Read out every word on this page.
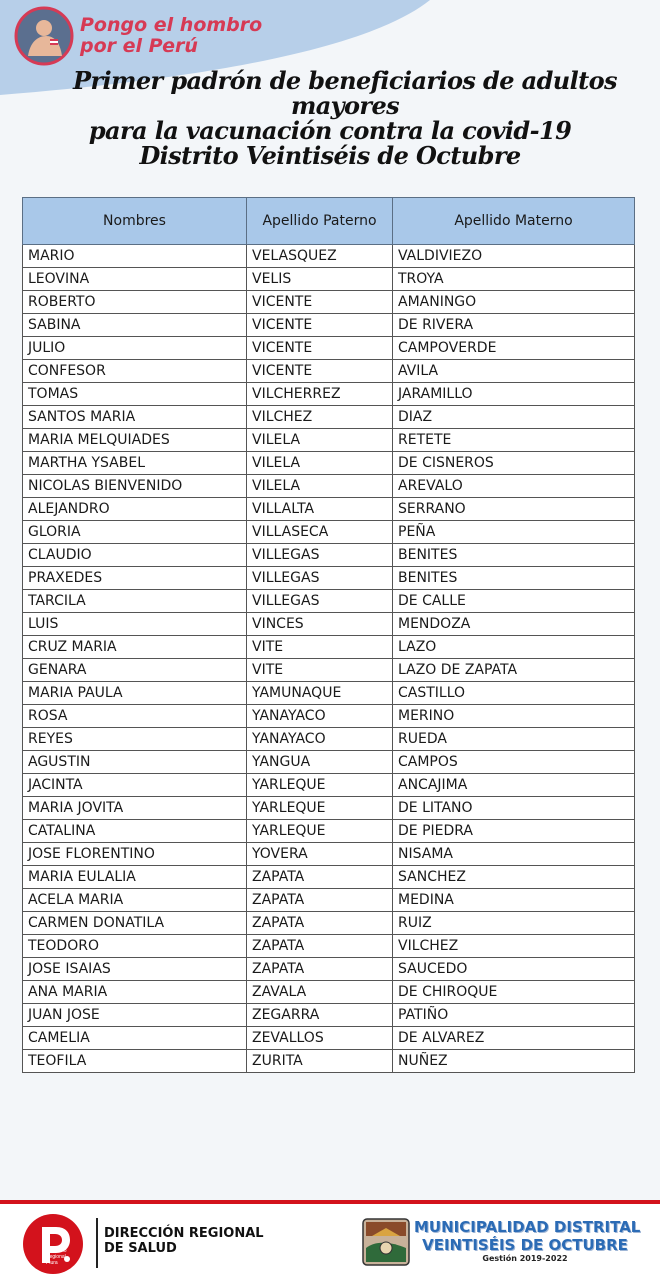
Pongo el hombro
por el Perú
Primer padrón de beneficiarios de adultos mayores
para la vacunación contra la covid-19
Distrito Veintiséis de Octubre
Nombres	Apellido Paterno	Apellido Materno
MARIO	VELASQUEZ	VALDIVIEZO
LEOVINA	VELIS	TROYA
ROBERTO	VICENTE	AMANINGO
SABINA	VICENTE	DE RIVERA
JULIO	VICENTE	CAMPOVERDE
CONFESOR	VICENTE	AVILA
TOMAS	VILCHERREZ	JARAMILLO
SANTOS MARIA	VILCHEZ	DIAZ
MARIA MELQUIADES	VILELA	RETETE
MARTHA YSABEL	VILELA	DE CISNEROS
NICOLAS BIENVENIDO	VILELA	AREVALO
ALEJANDRO	VILLALTA	SERRANO
GLORIA	VILLASECA	PEÑA
CLAUDIO	VILLEGAS	BENITES
PRAXEDES	VILLEGAS	BENITES
TARCILA	VILLEGAS	DE CALLE
LUIS	VINCES	MENDOZA
CRUZ MARIA	VITE	LAZO
GENARA	VITE	LAZO DE ZAPATA
MARIA PAULA	YAMUNAQUE	CASTILLO
ROSA	YANAYACO	MERINO
REYES	YANAYACO	RUEDA
AGUSTIN	YANGUA	CAMPOS
JACINTA	YARLEQUE	ANCAJIMA
MARIA JOVITA	YARLEQUE	DE LITANO
CATALINA	YARLEQUE	DE PIEDRA
JOSE FLORENTINO	YOVERA	NISAMA
MARIA EULALIA	ZAPATA	SANCHEZ
ACELA MARIA	ZAPATA	MEDINA
CARMEN DONATILA	ZAPATA	RUIZ
TEODORO	ZAPATA	VILCHEZ
JOSE ISAIAS	ZAPATA	SAUCEDO
ANA MARIA	ZAVALA	DE CHIROQUE
JUAN JOSE	ZEGARRA	PATIÑO
CAMELIA	ZEVALLOS	DE ALVAREZ
TEOFILA	ZURITA	NUÑEZ
Gobierno
Regional
Piura
DIRECCIÓN REGIONAL
DE SALUD
MUNICIPALIDAD DISTRITAL
VEINTISÉIS DE OCTUBRE
Gestión 2019-2022
